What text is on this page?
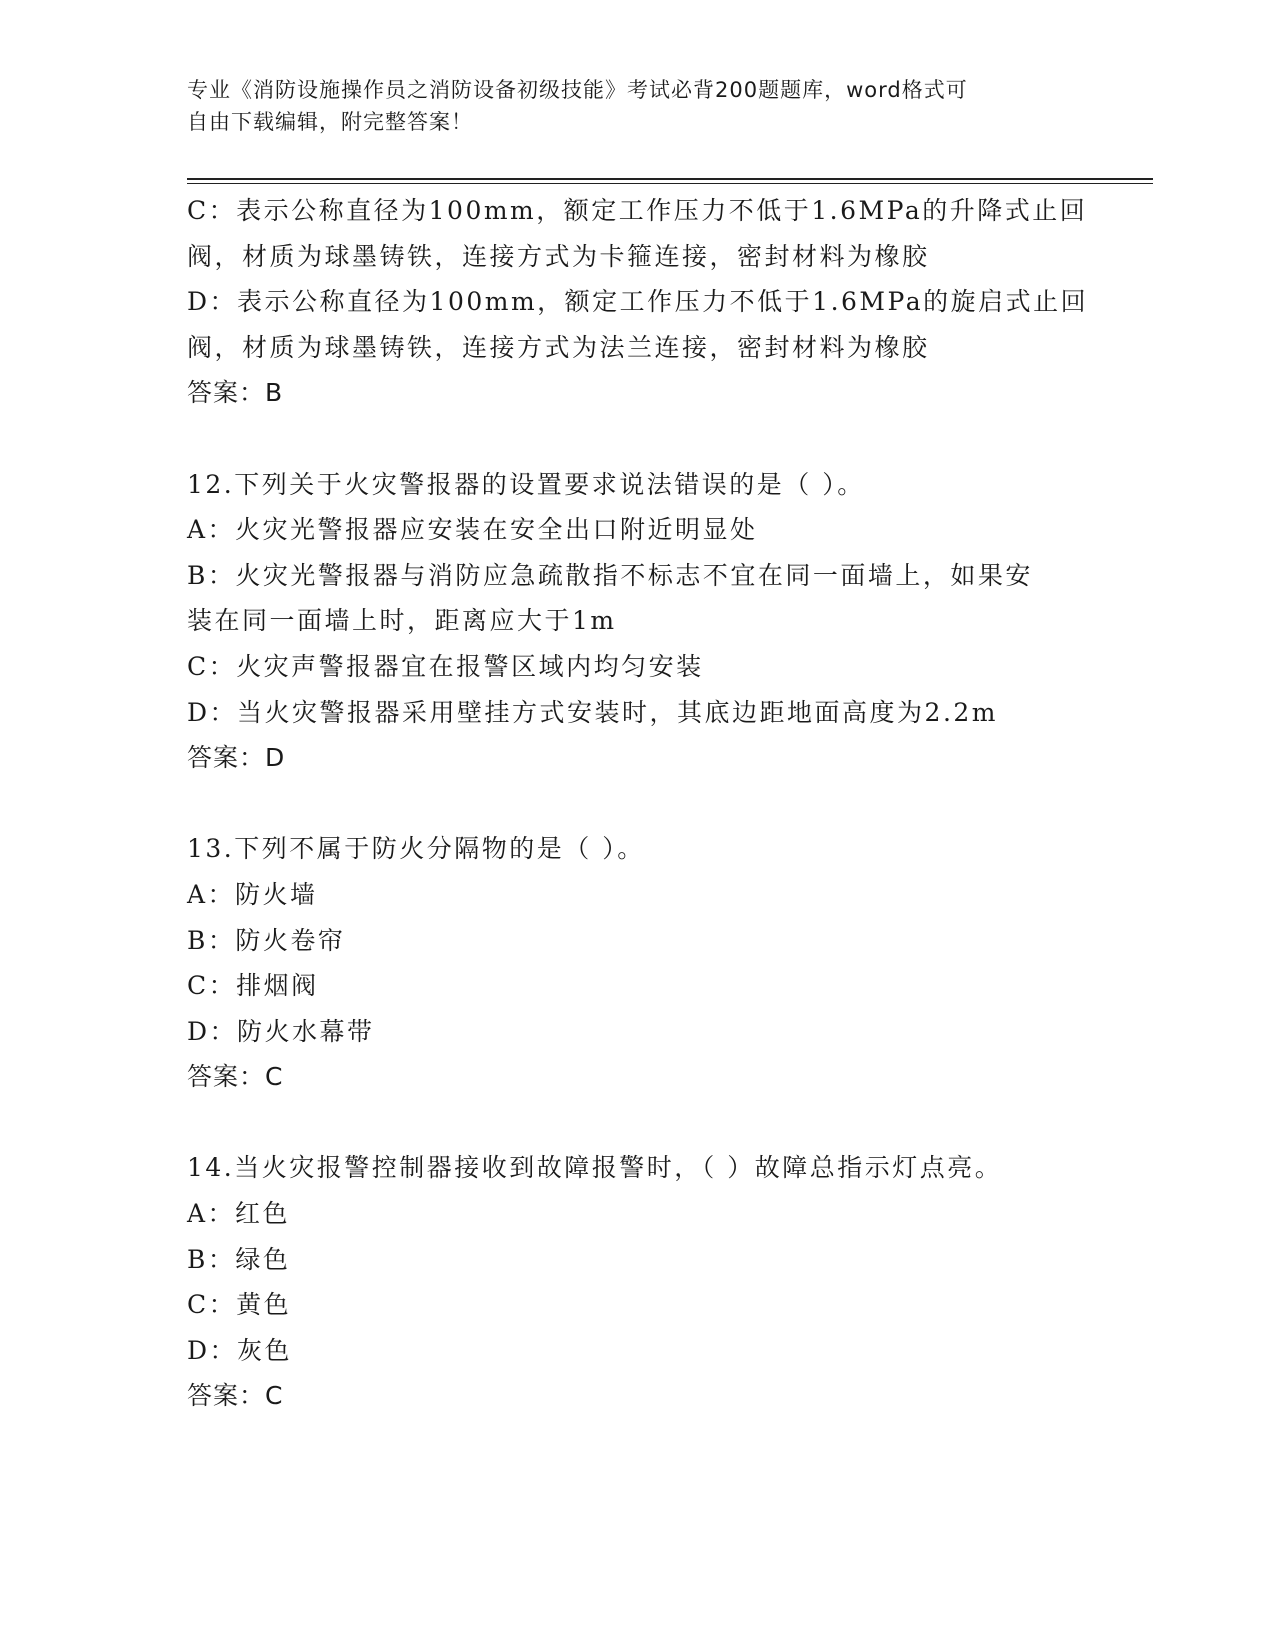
专业《消防设施操作员之消防设备初级技能》考试必背200题题库，word格式可
自由下载编辑，附完整答案！
C：表示公称直径为100mm，额定工作压力不低于1.6MPa的升降式止回
阀，材质为球墨铸铁，连接方式为卡箍连接，密封材料为橡胶
D：表示公称直径为100mm，额定工作压力不低于1.6MPa的旋启式止回
阀，材质为球墨铸铁，连接方式为法兰连接，密封材料为橡胶
答案：B
12.下列关于火灾警报器的设置要求说法错误的是（ ）。
A：火灾光警报器应安装在安全出口附近明显处
B：火灾光警报器与消防应急疏散指不标志不宜在同一面墙上，如果安
装在同一面墙上时，距离应大于1m
C：火灾声警报器宜在报警区域内均匀安装
D：当火灾警报器采用壁挂方式安装时，其底边距地面高度为2.2m
答案：D
13.下列不属于防火分隔物的是（ ）。
A：防火墙
B：防火卷帘
C：排烟阀
D：防火水幕带
答案：C
14.当火灾报警控制器接收到故障报警时，（ ）故障总指示灯点亮。
A：红色
B：绿色
C：黄色
D：灰色
答案：C
